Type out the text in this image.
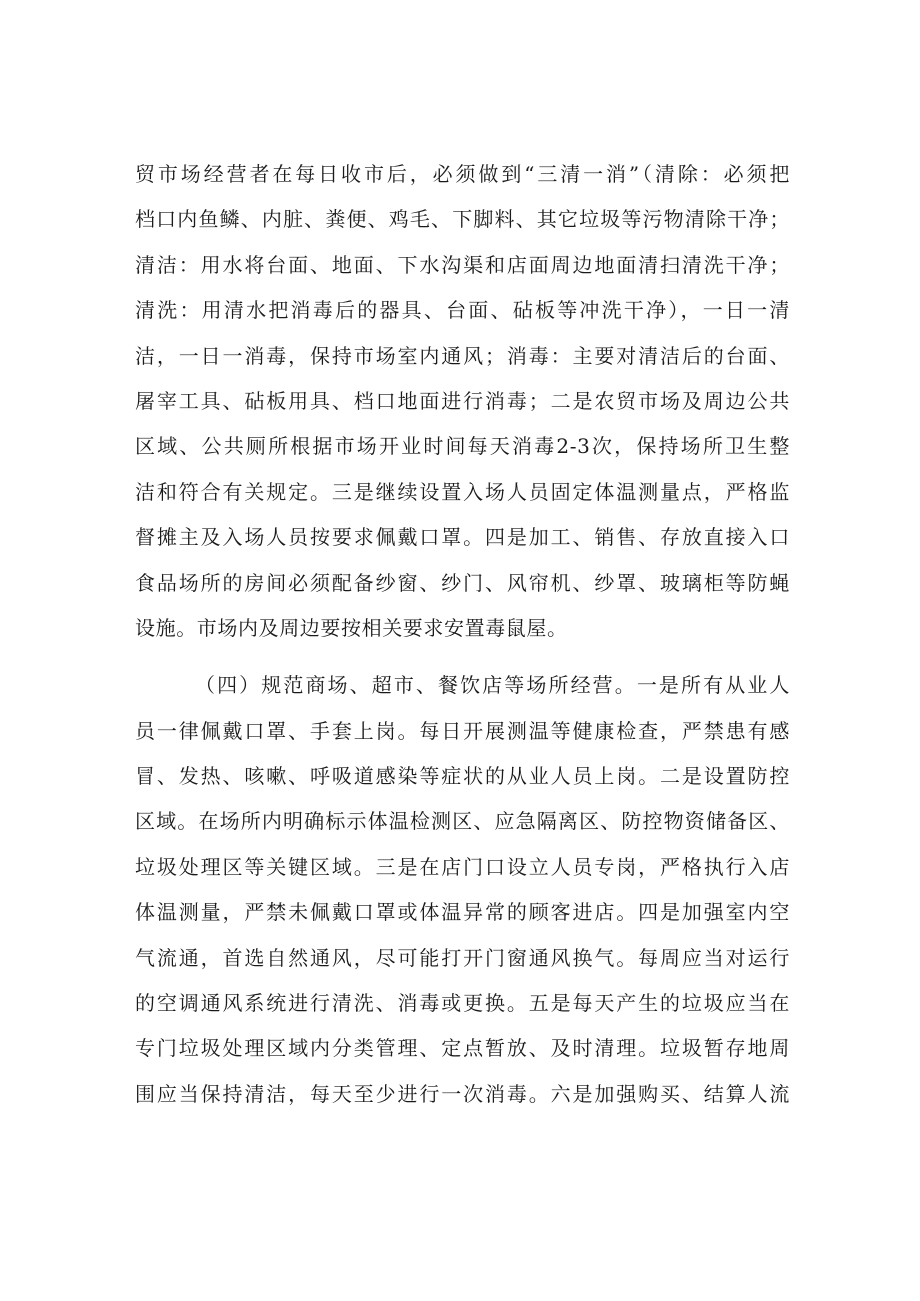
贸市场经营者在每日收市后，必须做到“三清一消”（清除：必须把
档口内鱼鳞、内脏、粪便、鸡毛、下脚料、其它垃圾等污物清除干净；
清洁：用水将台面、地面、下水沟渠和店面周边地面清扫清洗干净；
清洗：用清水把消毒后的器具、台面、砧板等冲洗干净），一日一清
洁，一日一消毒，保持市场室内通风；消毒：主要对清洁后的台面、
屠宰工具、砧板用具、档口地面进行消毒；二是农贸市场及周边公共
区域、公共厕所根据市场开业时间每天消毒2-3次，保持场所卫生整
洁和符合有关规定。三是继续设置入场人员固定体温测量点，严格监
督摊主及入场人员按要求佩戴口罩。四是加工、销售、存放直接入口
食品场所的房间必须配备纱窗、纱门、风帘机、纱罩、玻璃柜等防蝇
设施。市场内及周边要按相关要求安置毒鼠屋。
（四）规范商场、超市、餐饮店等场所经营。一是所有从业人
员一律佩戴口罩、手套上岗。每日开展测温等健康检查，严禁患有感
冒、发热、咳嗽、呼吸道感染等症状的从业人员上岗。二是设置防控
区域。在场所内明确标示体温检测区、应急隔离区、防控物资储备区、
垃圾处理区等关键区域。三是在店门口设立人员专岗，严格执行入店
体温测量，严禁未佩戴口罩或体温异常的顾客进店。四是加强室内空
气流通，首选自然通风，尽可能打开门窗通风换气。每周应当对运行
的空调通风系统进行清洗、消毒或更换。五是每天产生的垃圾应当在
专门垃圾处理区域内分类管理、定点暂放、及时清理。垃圾暂存地周
围应当保持清洁，每天至少进行一次消毒。六是加强购买、结算人流
